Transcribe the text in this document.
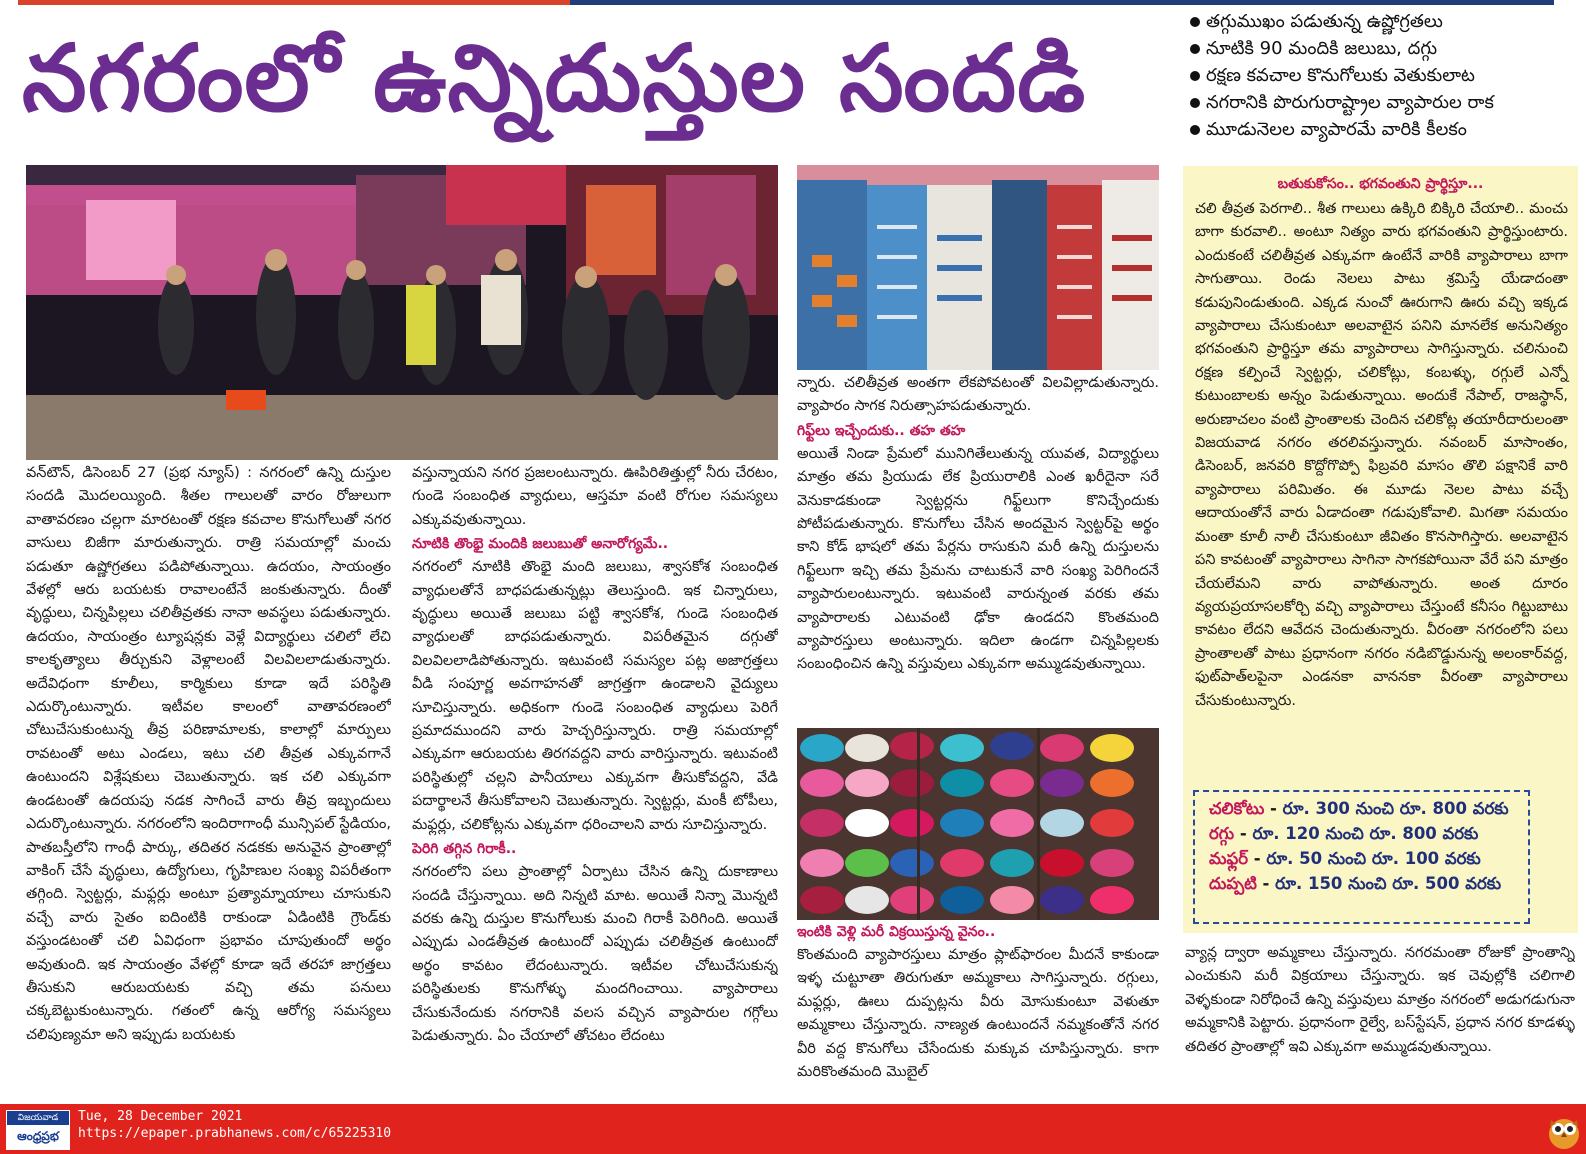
నగరంలో ఉన్నిదుస్తుల సందడి
తగ్గుముఖం పడుతున్న ఉష్ణోగ్రతలు
నూటికి 90 మందికి జలుబు, దగ్గు
రక్షణ కవచాల కొనుగోలుకు వెతుకులాట
నగరానికి పొరుగురాష్ట్రాల వ్యాపారుల రాక
మూడునెలల వ్యాపారమే వారికి కీలకం

వన్‌టౌన్, డిసెంబర్ 27 (ప్రభ న్యూస్) : నగరంలో ఉన్ని దుస్తుల సందడి మొదలయ్యింది. శీతల గాలులతో వారం రోజులుగా వాతావరణం చల్లగా మారటంతో రక్షణ కవచాల కొనుగోలుతో నగర వాసులు బిజీగా మారుతున్నారు. రాత్రి సమయాల్లో మంచు పడుతూ ఉష్ణోగ్రతలు పడిపోతున్నాయి. ఉదయం, సాయంత్రం వేళల్లో ఆరు బయటకు రావాలంటేనే జంకుతున్నారు. దీంతో వృద్ధులు, చిన్నపిల్లలు చలితీవ్రతకు నానా అవస్థలు పడుతున్నారు. ఉదయం, సాయంత్రం ట్యూషన్లకు వెళ్లే విద్యార్థులు చలిలో లేచి కాలకృత్యాలు తీర్చుకుని వెళ్లాలంటే విలవిలలాడుతున్నారు. అదేవిధంగా కూలీలు, కార్మికులు కూడా ఇదే పరిస్థితి ఎదుర్కొంటున్నారు. ఇటీవల కాలంలో వాతావరణంలో చోటుచేసుకుంటున్న తీవ్ర పరిణామాలకు, కాలాల్లో మార్పులు రావటంతో అటు ఎండలు, ఇటు చలి తీవ్రత ఎక్కువగానే ఉంటుందని విశ్లేషకులు చెబుతున్నారు. ఇక చలి ఎక్కువగా ఉండటంతో ఉదయపు నడక సాగించే వారు తీవ్ర ఇబ్బందులు ఎదుర్కొంటున్నారు. నగరంలోని ఇందిరాగాంధీ మున్సిపల్ స్టేడియం, పాతబస్తీలోని గాంధీ పార్కు, తదితర నడకకు అనువైన ప్రాంతాల్లో వాకింగ్ చేసే వృద్ధులు, ఉద్యోగులు, గృహిణుల సంఖ్య విపరీతంగా తగ్గింది. స్వెట్టర్లు, మఫ్లర్లు అంటూ ప్రత్యామ్నాయాలు చూసుకుని వచ్చే వారు సైతం ఐదింటికి రాకుండా ఏడింటికి గ్రౌండ్‌కు వస్తుండటంతో చలి ఏవిధంగా ప్రభావం చూపుతుందో అర్థం అవుతుంది. ఇక సాయంత్రం వేళల్లో కూడా ఇదే తరహా జాగ్రత్తలు తీసుకుని ఆరుబయటకు వచ్చి తమ పనులు చక్కబెట్టుకుంటున్నారు. గతంలో ఉన్న ఆరోగ్య సమస్యలు చలిపుణ్యమా అని ఇప్పుడు బయటకు

వస్తున్నాయని నగర ప్రజలంటున్నారు. ఊపిరితిత్తుల్లో నీరు చేరటం, గుండె సంబంధిత వ్యాధులు, ఆస్తమా వంటి రోగుల సమస్యలు ఎక్కువవుతున్నాయి.

నూటికి తొంభై మందికి జలుబుతో అనారోగ్యమే..

నగరంలో నూటికి తొంభై మంది జలుబు, శ్వాసకోశ సంబంధిత వ్యాధులతోనే బాధపడుతున్నట్లు తెలుస్తుంది. ఇక చిన్నారులు, వృద్ధులు అయితే జలుబు పట్టి శ్వాసకోశ, గుండె సంబంధిత వ్యాధులతో బాధపడుతున్నారు. విపరీతమైన దగ్గుతో విలవిలలాడిపోతున్నారు. ఇటువంటి సమస్యల పట్ల అజాగ్రత్తలు వీడి సంపూర్ణ అవగాహనతో జాగ్రత్తగా ఉండాలని వైద్యులు సూచిస్తున్నారు. అధికంగా గుండె సంబంధిత వ్యాధులు పెరిగే ప్రమాదముందని వారు హెచ్చరిస్తున్నారు. రాత్రి సమయాల్లో ఎక్కువగా ఆరుబయట తిరగవద్దని వారు వారిస్తున్నారు. ఇటువంటి పరిస్థితుల్లో చల్లని పానీయాలు ఎక్కువగా తీసుకోవద్దని, వేడి పదార్థాలనే తీసుకోవాలని చెబుతున్నారు. స్వెట్టర్లు, మంకీ టోపీలు, మఫ్లర్లు, చలికోట్లను ఎక్కువగా ధరించాలని వారు సూచిస్తున్నారు.

పెరిగి తగ్గిన గిరాకీ..

నగరంలోని పలు ప్రాంతాల్లో ఏర్పాటు చేసిన ఉన్ని దుకాణాలు సందడి చేస్తున్నాయి. అది నిన్నటి మాట. అయితే నిన్నా మొన్నటి వరకు ఉన్ని దుస్తుల కొనుగోలుకు మంచి గిరాకీ పెరిగింది. అయితే ఎప్పుడు ఎండతీవ్రత ఉంటుందో ఎప్పుడు చలితీవ్రత ఉంటుందో అర్థం కావటం లేదంటున్నారు. ఇటీవల చోటుచేసుకున్న పరిస్థితులకు కొనుగోళ్ళు మందగించాయి. వ్యాపారాలు చేసుకునేందుకు నగరానికి వలస వచ్చిన వ్యాపారుల గగ్గోలు పెడుతున్నారు. ఏం చేయాలో తోచటం లేదంటు

న్నారు. చలితీవ్రత అంతగా లేకపోవటంతో విలవిల్లాడుతున్నారు. వ్యాపారం సాగక నిరుత్సాహపడుతున్నారు.

గిఫ్ట్‌లు ఇచ్చేందుకు.. తహ తహ

అయితే నిండా ప్రేమలో మునిగితేలుతున్న యువత, విద్యార్థులు మాత్రం తమ ప్రియుడు లేక ప్రియురాలికి ఎంత ఖరీదైనా సరే వెనుకాడకుండా స్వెట్టర్లను గిఫ్ట్‌లుగా కొనిచ్చేందుకు పోటీపడుతున్నారు. కొనుగోలు చేసిన అందమైన స్వెట్టర్‌పై అర్థం కాని కోడ్ భాషలో తమ పేర్లను రాసుకుని మరీ ఉన్ని దుస్తులను గిఫ్ట్‌లుగా ఇచ్చి తమ ప్రేమను చాటుకునే వారి సంఖ్య పెరిగిందనే వ్యాపారులంటున్నారు. ఇటువంటి వారున్నంత వరకు తమ వ్యాపారాలకు ఎటువంటి ఢోకా ఉండదని కొంతమంది వ్యాపారస్తులు అంటున్నారు. ఇదిలా ఉండగా చిన్నపిల్లలకు సంబంధించిన ఉన్ని వస్తువులు ఎక్కువగా అమ్ముడవుతున్నాయి.

ఇంటికి వెళ్లి మరీ విక్రయిస్తున్న వైనం..

కొంతమంది వ్యాపారస్తులు మాత్రం ప్లాట్‌ఫారంల మీదనే కాకుండా ఇళ్ళ చుట్టూతా తిరుగుతూ అమ్మకాలు సాగిస్తున్నారు. రగ్గులు, మఫ్లర్లు, ఊలు దుప్పట్లను వీరు మోసుకుంటూ వెళుతూ అమ్మకాలు చేస్తున్నారు. నాణ్యత ఉంటుందనే నమ్మకంతోనే నగర వీరి వద్ద కొనుగోలు చేసేందుకు మక్కువ చూపిస్తున్నారు. కాగా మరికొంతమంది మొబైల్

బతుకుకోసం.. భగవంతుని ప్రార్థిస్తూ...
చలి తీవ్రత పెరగాలి.. శీత గాలులు ఉక్కిరి బిక్కిరి చేయాలి.. మంచు బాగా కురవాలి.. అంటూ నిత్యం వారు భగవంతుని ప్రార్థిస్తుంటారు. ఎందుకంటే చలితీవ్రత ఎక్కువగా ఉంటేనే వారికి వ్యాపారాలు బాగా సాగుతాయి. రెండు నెలలు పాటు శ్రమిస్తే యేడాదంతా కడుపునిండుతుంది. ఎక్కడ నుంచో ఊరుగాని ఊరు వచ్చి ఇక్కడ వ్యాపారాలు చేసుకుంటూ అలవాటైన పనిని మానలేక అనునిత్యం భగవంతుని ప్రార్థిస్తూ తమ వ్యాపారాలు సాగిస్తున్నారు. చలినుంచి రక్షణ కల్పించే స్వెట్టర్లు, చలికోట్లు, కంబళ్ళు, రగ్గులే ఎన్నో కుటుంబాలకు అన్నం పెడుతున్నాయి. అందుకే నేపాల్, రాజస్థాన్, అరుణాచలం వంటి ప్రాంతాలకు చెందిన చలికోట్ల తయారీదారులంతా విజయవాడ నగరం తరలివస్తున్నారు. నవంబర్ మాసాంతం, డిసెంబర్, జనవరి కొద్దోగొప్పో ఫిబ్రవరి మాసం తొలి పక్షానికే వారి వ్యాపారాలు పరిమితం. ఈ మూడు నెలల పాటు వచ్చే ఆదాయంతోనే వారు ఏడాదంతా గడుపుకోవాలి. మిగతా సమయం మంతా కూలీ నాలీ చేసుకుంటూ జీవితం కొనసాగిస్తారు. అలవాటైన పని కావటంతో వ్యాపారాలు సాగినా సాగకపోయినా వేరే పని మాత్రం చేయలేమని వారు వాపోతున్నారు. అంత దూరం వ్యయప్రయాసలకోర్చి వచ్చి వ్యాపారాలు చేస్తుంటే కనీసం గిట్టుబాటు కావటం లేదని ఆవేదన చెందుతున్నారు. వీరంతా నగరంలోని పలు ప్రాంతాలతో పాటు ప్రధానంగా నగరం నడిబొడ్డునున్న అలంకార్‌వద్ద, ఫుట్‌పాత్‌లపైనా ఎండనకా వాననకా వీరంతా వ్యాపారాలు చేసుకుంటున్నారు.
చలికోటు - రూ. 300 నుంచి రూ. 800 వరకు
రగ్గు - రూ. 120 నుంచి రూ. 800 వరకు
మఫ్లర్ - రూ. 50 నుంచి రూ. 100 వరకు
దుప్పటి - రూ. 150 నుంచి రూ. 500 వరకు

వ్యాన్ల ద్వారా అమ్మకాలు చేస్తున్నారు. నగరమంతా రోజుకో ప్రాంతాన్ని ఎంచుకుని మరీ విక్రయాలు చేస్తున్నారు. ఇక చెవుల్లోకి చలిగాలి వెళ్ళకుండా నిరోధించే ఉన్ని వస్తువులు మాత్రం నగరంలో అడుగడుగునా అమ్మకానికి పెట్టారు. ప్రధానంగా రైల్వే, బస్‌స్టేషన్, ప్రధాన నగర కూడళ్ళు తదితర ప్రాంతాల్లో ఇవి ఎక్కువగా అమ్ముడవుతున్నాయి.

విజయవాడ
ఆంధ్రప్రభ
Tue, 28 December 2021
https://epaper.prabhanews.com/c/65225310
